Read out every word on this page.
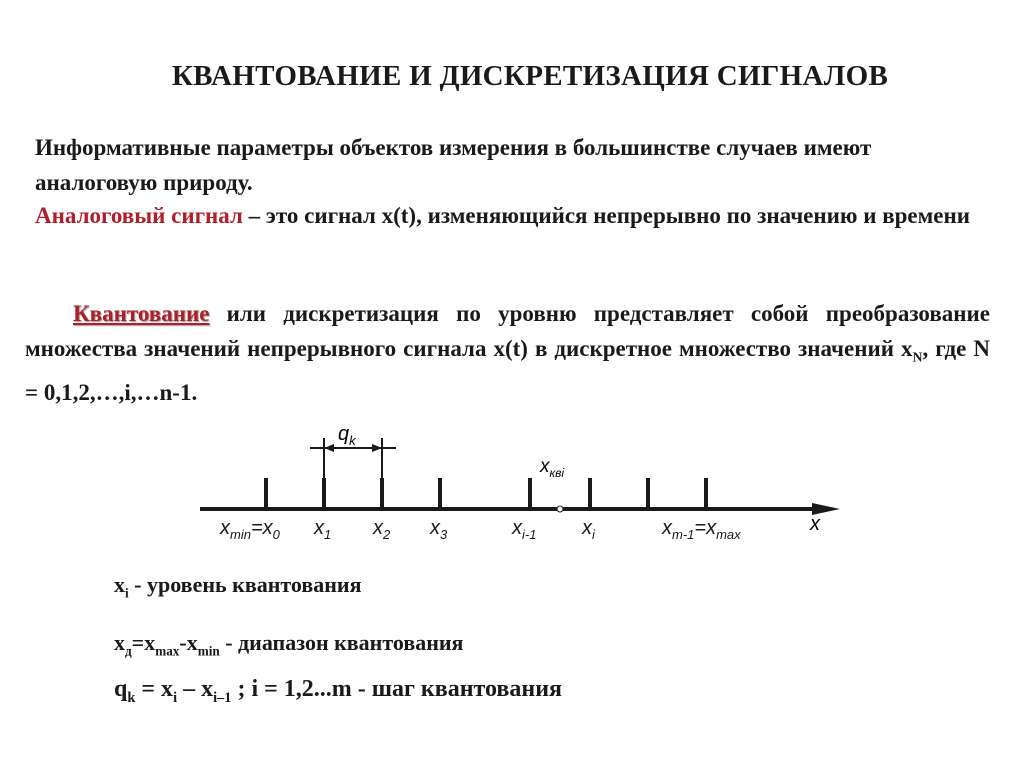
КВАНТОВАНИЕ И ДИСКРЕТИЗАЦИЯ СИГНАЛОВ

Информативные параметры объектов измерения в большинстве случаев имеют аналоговую природу.

Аналоговый сигнал – это сигнал x(t), изменяющийся непрерывно по значению и времени

Квантование или дискретизация по уровню представляет собой преобразование множества значений непрерывного сигнала x(t) в дискретное множество значений $x_N$, где N = 0,1,2,…,i,…n-1.

x
$q_k$
$x_{квi}$
$x_{min}=x_0$ $x_1$ $x_2$ $x_3$	$x_{i-1}$ $x_i$	$x_{m-1}=x_{max}$

$x_i$ - уровень квантования

$x_д=x_{max}-x_{min}$ - диапазон квантования

$q_k = x_i - x_{i-1}$ ; i = 1,2...m - шаг квантования
